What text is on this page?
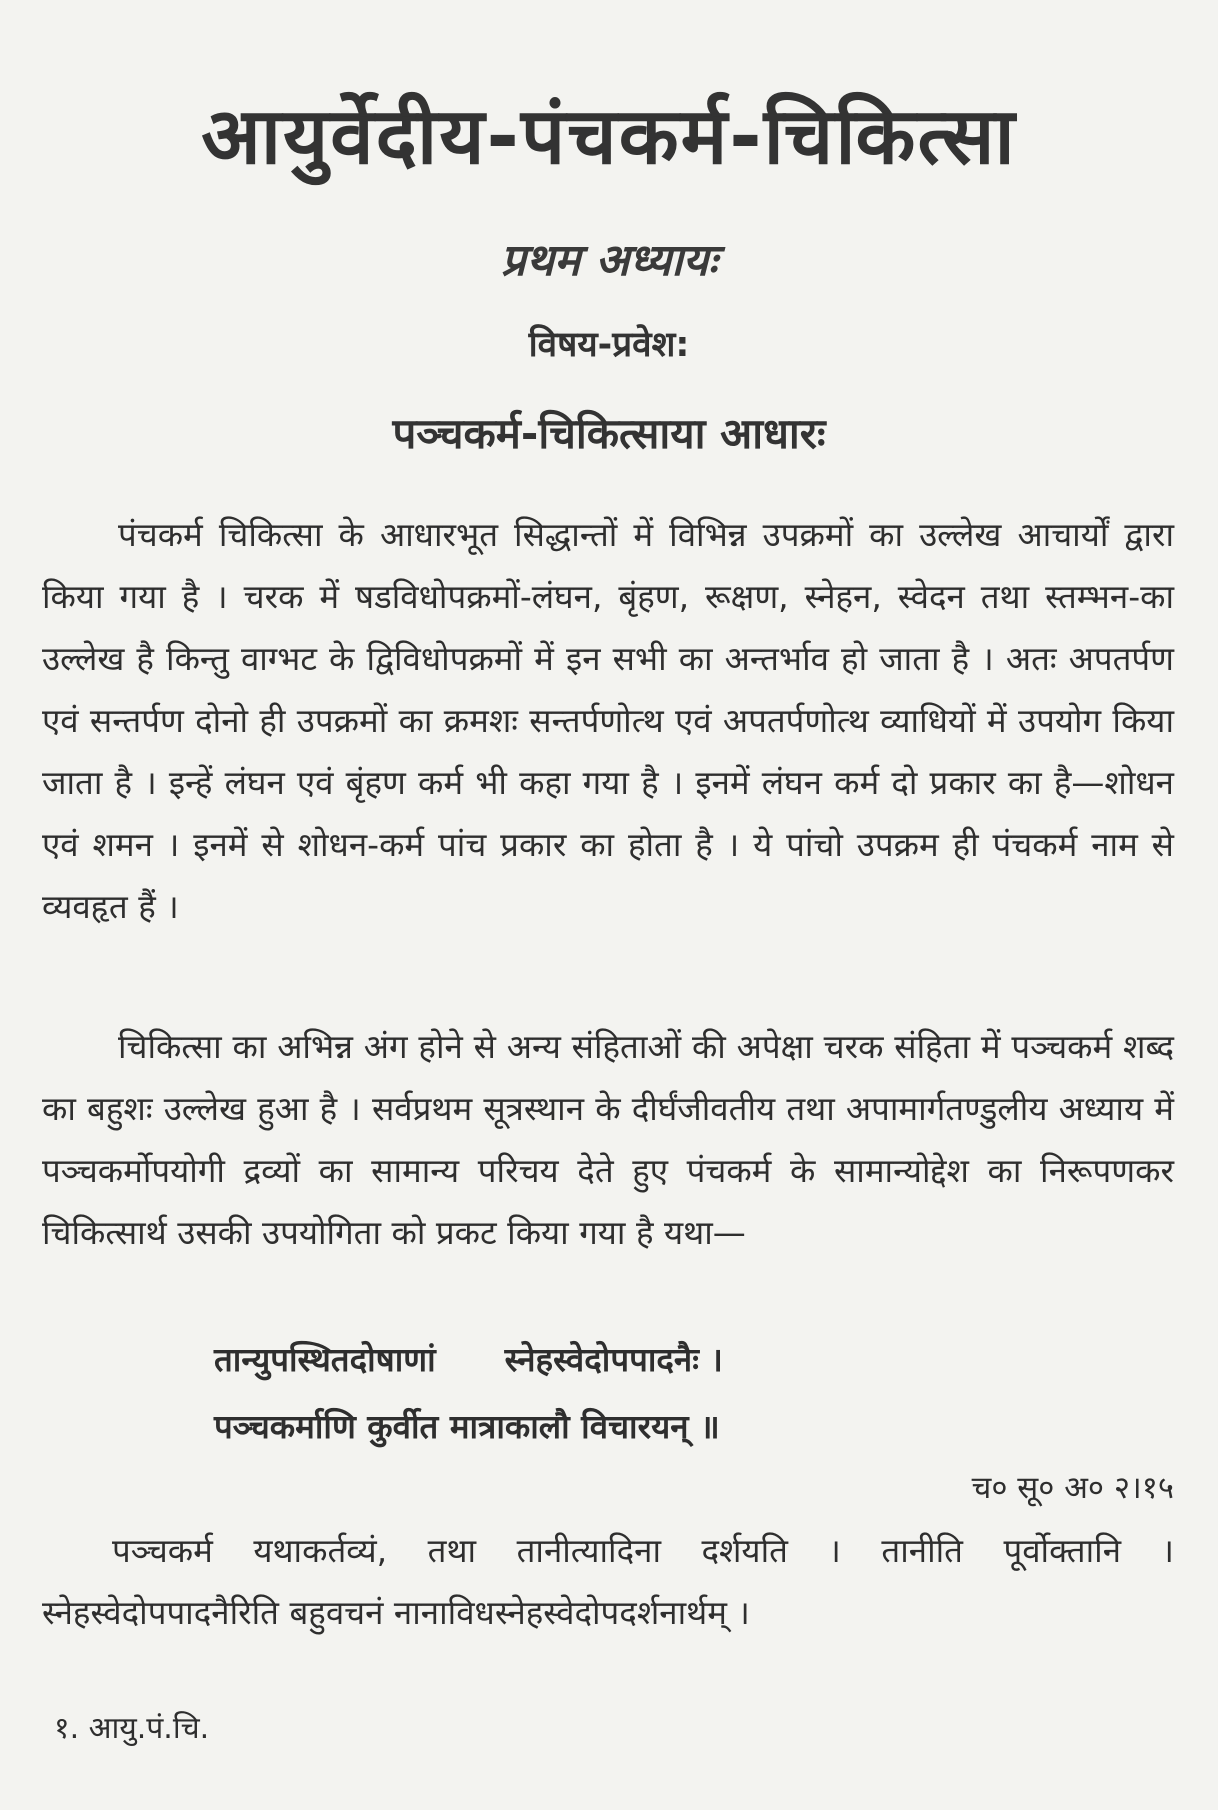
आयुर्वेदीय-पंचकर्म-चिकित्सा
प्रथम अध्यायः
विषय-प्रवेश:
पञ्चकर्म-चिकित्साया आधारः

पंचकर्म चिकित्सा के आधारभूत सिद्धान्तों में विभिन्न उपक्रमों का उल्लेख आचार्यों द्वारा किया गया है । चरक में षडविधोपक्रमों-लंघन, बृंहण, रूक्षण, स्नेहन, स्वेदन तथा स्तम्भन-का उल्लेख है किन्तु वाग्भट के द्विविधोपक्रमों में इन सभी का अन्तर्भाव हो जाता है । अतः अपतर्पण एवं सन्तर्पण दोनो ही उपक्रमों का क्रमशः सन्तर्पणोत्थ एवं अपतर्पणोत्थ व्याधियों में उपयोग किया जाता है । इन्हें लंघन एवं बृंहण कर्म भी कहा गया है । इनमें लंघन कर्म दो प्रकार का है—शोधन एवं शमन । इनमें से शोधन-कर्म पांच प्रकार का होता है । ये पांचो उपक्रम ही पंचकर्म नाम से व्यवहृत हैं ।

चिकित्सा का अभिन्न अंग होने से अन्य संहिताओं की अपेक्षा चरक संहिता में पञ्चकर्म शब्द का बहुशः उल्लेख हुआ है । सर्वप्रथम सूत्रस्थान के दीर्घंजीवतीय तथा अपामार्गतण्डुलीय अध्याय में पञ्चकर्मोपयोगी द्रव्यों का सामान्य परिचय देते हुए पंचकर्म के सामान्योद्देश का निरूपणकर चिकित्सार्थ उसकी उपयोगिता को प्रकट किया गया है यथा—

तान्युपस्थितदोषाणां      स्नेहस्वेदोपपादनैः ।

पञ्चकर्माणि कुर्वीत मात्राकालौ विचारयन् ॥

च० सू० अ० २।१५

पञ्चकर्म यथाकर्तव्यं, तथा तानीत्यादिना दर्शयति । तानीति पूर्वोक्तानि । स्नेहस्वेदोपपादनैरिति बहुवचनं नानाविधस्नेहस्वेदोपदर्शनार्थम् ।

१. आयु.पं.चि.
